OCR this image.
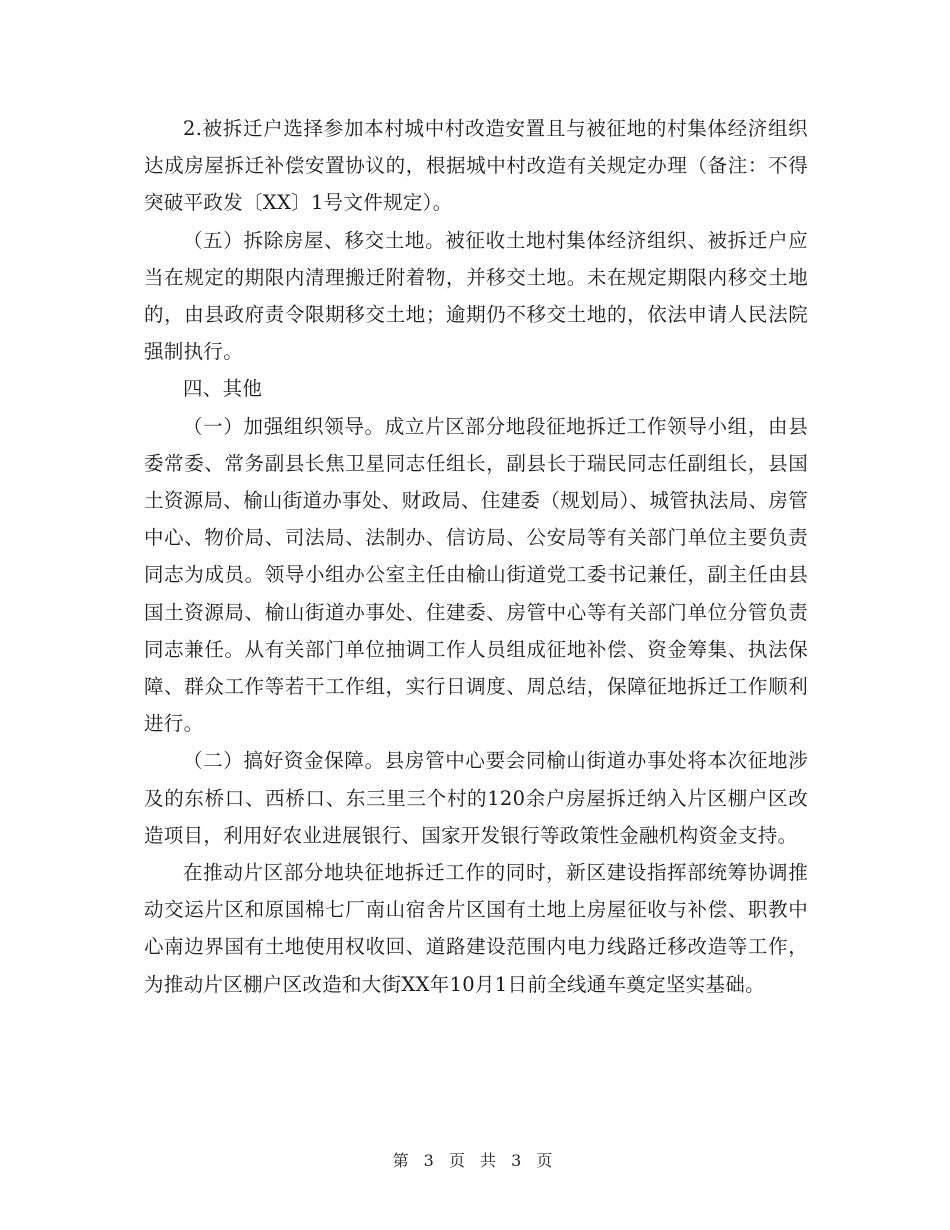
2.被拆迁户选择参加本村城中村改造安置且与被征地的村集体经济组织达成房屋拆迁补偿安置协议的，根据城中村改造有关规定办理（备注：不得突破平政发〔XX〕1号文件规定）。

（五）拆除房屋、移交土地。被征收土地村集体经济组织、被拆迁户应当在规定的期限内清理搬迁附着物，并移交土地。未在规定期限内移交土地的，由县政府责令限期移交土地；逾期仍不移交土地的，依法申请人民法院强制执行。

四、其他

（一）加强组织领导。成立片区部分地段征地拆迁工作领导小组，由县委常委、常务副县长焦卫星同志任组长，副县长于瑞民同志任副组长，县国土资源局、榆山街道办事处、财政局、住建委（规划局）、城管执法局、房管中心、物价局、司法局、法制办、信访局、公安局等有关部门单位主要负责同志为成员。领导小组办公室主任由榆山街道党工委书记兼任，副主任由县国土资源局、榆山街道办事处、住建委、房管中心等有关部门单位分管负责同志兼任。从有关部门单位抽调工作人员组成征地补偿、资金筹集、执法保障、群众工作等若干工作组，实行日调度、周总结，保障征地拆迁工作顺利进行。

（二）搞好资金保障。县房管中心要会同榆山街道办事处将本次征地涉及的东桥口、西桥口、东三里三个村的120余户房屋拆迁纳入片区棚户区改造项目，利用好农业进展银行、国家开发银行等政策性金融机构资金支持。

在推动片区部分地块征地拆迁工作的同时，新区建设指挥部统筹协调推动交运片区和原国棉七厂南山宿舍片区国有土地上房屋征收与补偿、职教中心南边界国有土地使用权收回、道路建设范围内电力线路迁移改造等工作，为推动片区棚户区改造和大街XX年10月1日前全线通车奠定坚实基础。

第 3 页 共 3 页
